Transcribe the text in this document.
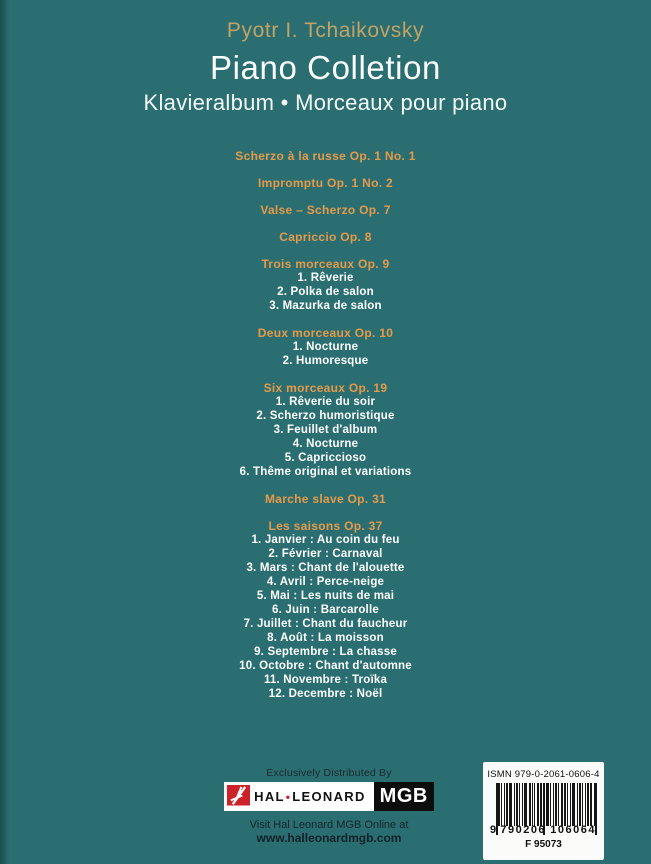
Pyotr I. Tchaikovsky
Piano Colletion
Klavieralbum • Morceaux pour piano
Scherzo à la russe Op. 1 No. 1
Impromptu Op. 1 No. 2
Valse – Scherzo Op. 7
Capriccio Op. 8
Trois morceaux Op. 9
1. Rêverie
2. Polka de salon
3. Mazurka de salon
Deux morceaux Op. 10
1. Nocturne
2. Humoresque
Six morceaux Op. 19
1. Rêverie du soir
2. Scherzo humoristique
3. Feuillet d'album
4. Nocturne
5. Capriccioso
6. Thême original et variations
Marche slave Op. 31
Les saisons Op. 37
1. Janvier : Au coin du feu
2. Février : Carnaval
3. Mars : Chant de l'alouette
4. Avril : Perce-neige
5. Mai : Les nuits de mai
6. Juin : Barcarolle
7. Juillet : Chant du faucheur
8. Août : La moisson
9. Septembre : La chasse
10. Octobre : Chant d'automne
11. Novembre : Troïka
12. Decembre : Noël
Exclusively Distributed By
HAL•LEONARD MGB
Visit Hal Leonard MGB Online at
www.halleonardmgb.com
ISMN 979-0-2061-0606-4
9 790206 106064
F 95073
